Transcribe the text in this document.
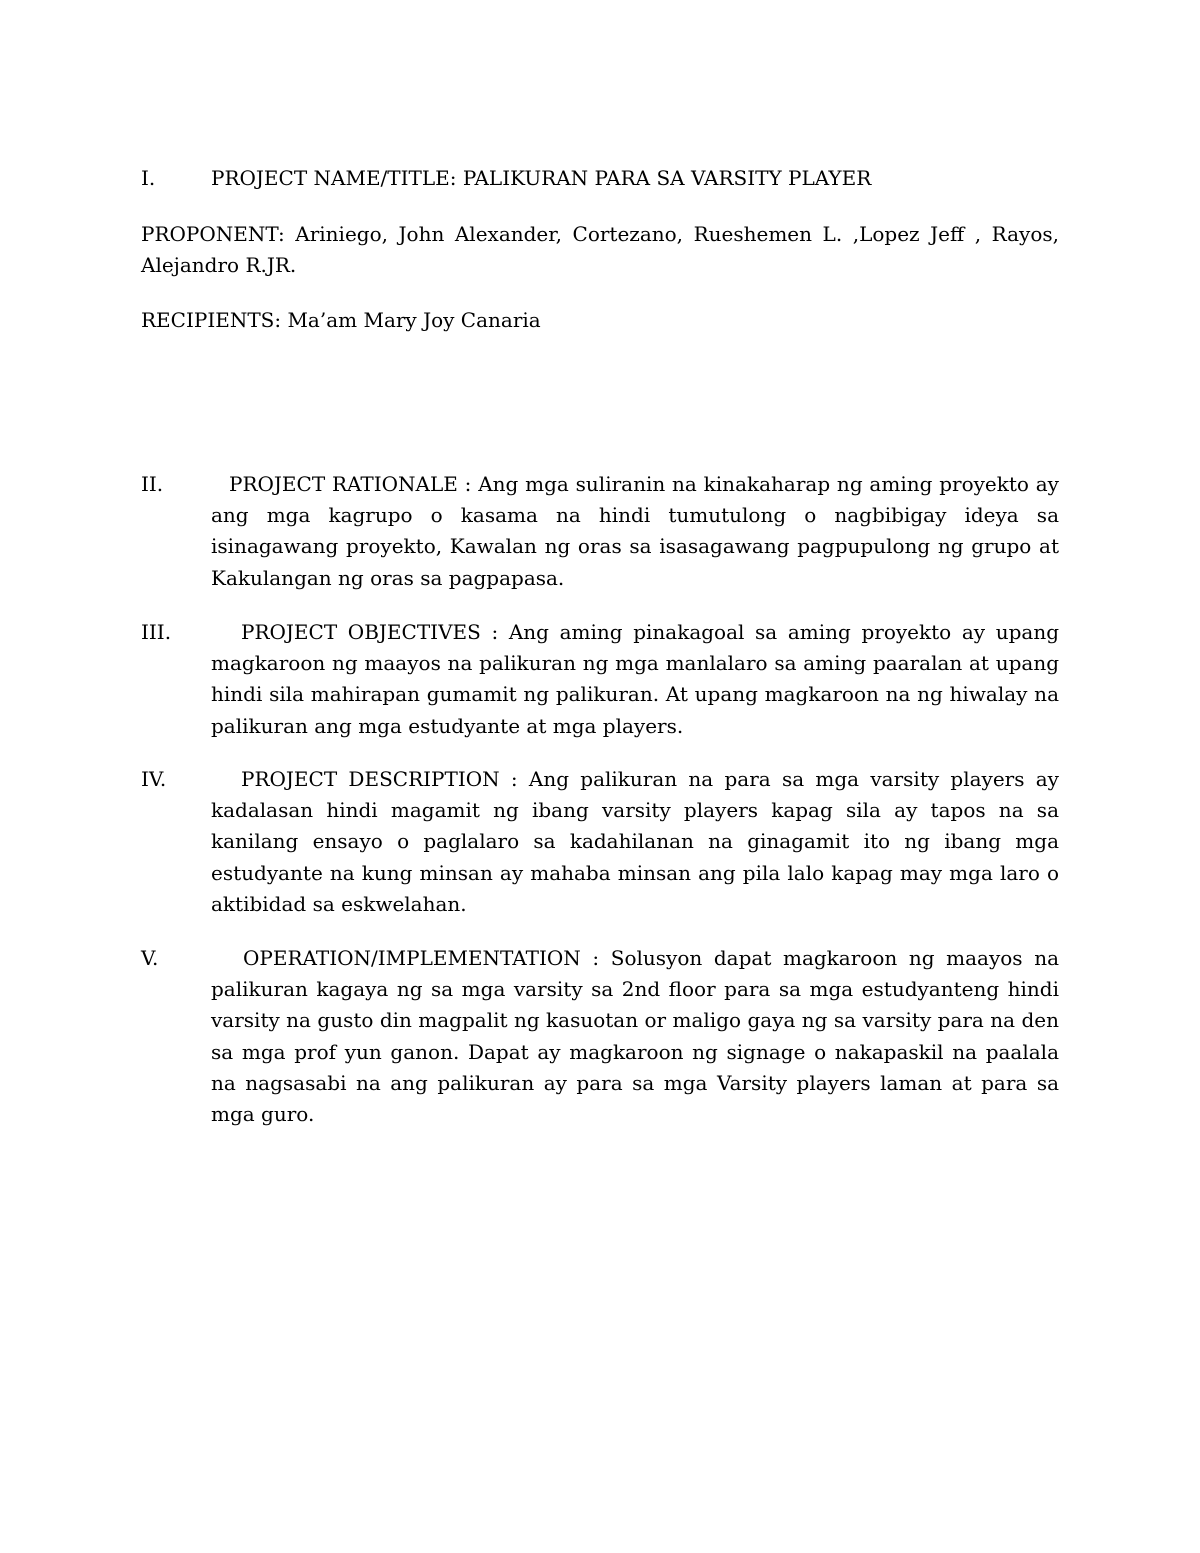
I.	PROJECT NAME/TITLE: PALIKURAN PARA SA VARSITY PLAYER
PROPONENT: Ariniego, John Alexander, Cortezano, Rueshemen L. ,Lopez Jeff , Rayos, Alejandro R.JR.
RECIPIENTS: Ma’am Mary Joy Canaria
II.	PROJECT RATIONALE : Ang mga suliranin na kinakaharap ng aming proyekto ay ang mga kagrupo o kasama na hindi tumutulong o nagbibigay ideya sa isinagawang proyekto, Kawalan ng oras sa isasagawang pagpupulong ng grupo at Kakulangan ng oras sa pagpapasa.
III.	PROJECT OBJECTIVES : Ang aming pinakagoal sa aming proyekto ay upang magkaroon ng maayos na palikuran ng mga manlalaro sa aming paaralan at upang hindi sila mahirapan gumamit ng palikuran. At upang magkaroon na ng hiwalay na palikuran ang mga estudyante at mga players.
IV.	PROJECT DESCRIPTION : Ang palikuran na para sa mga varsity players ay kadalasan hindi magamit ng ibang varsity players kapag sila ay tapos na sa kanilang ensayo o paglalaro sa kadahilanan na ginagamit ito ng ibang mga estudyante na kung minsan ay mahaba minsan ang pila lalo kapag may mga laro o aktibidad sa eskwelahan.
V.	OPERATION/IMPLEMENTATION : Solusyon dapat magkaroon ng maayos na palikuran kagaya ng sa mga varsity sa 2nd floor para sa mga estudyanteng hindi varsity na gusto din magpalit ng kasuotan or maligo gaya ng sa varsity para na den sa mga prof yun ganon. Dapat ay magkaroon ng signage o nakapaskil na paalala na nagsasabi na ang palikuran ay para sa mga Varsity players laman at para sa mga guro.
